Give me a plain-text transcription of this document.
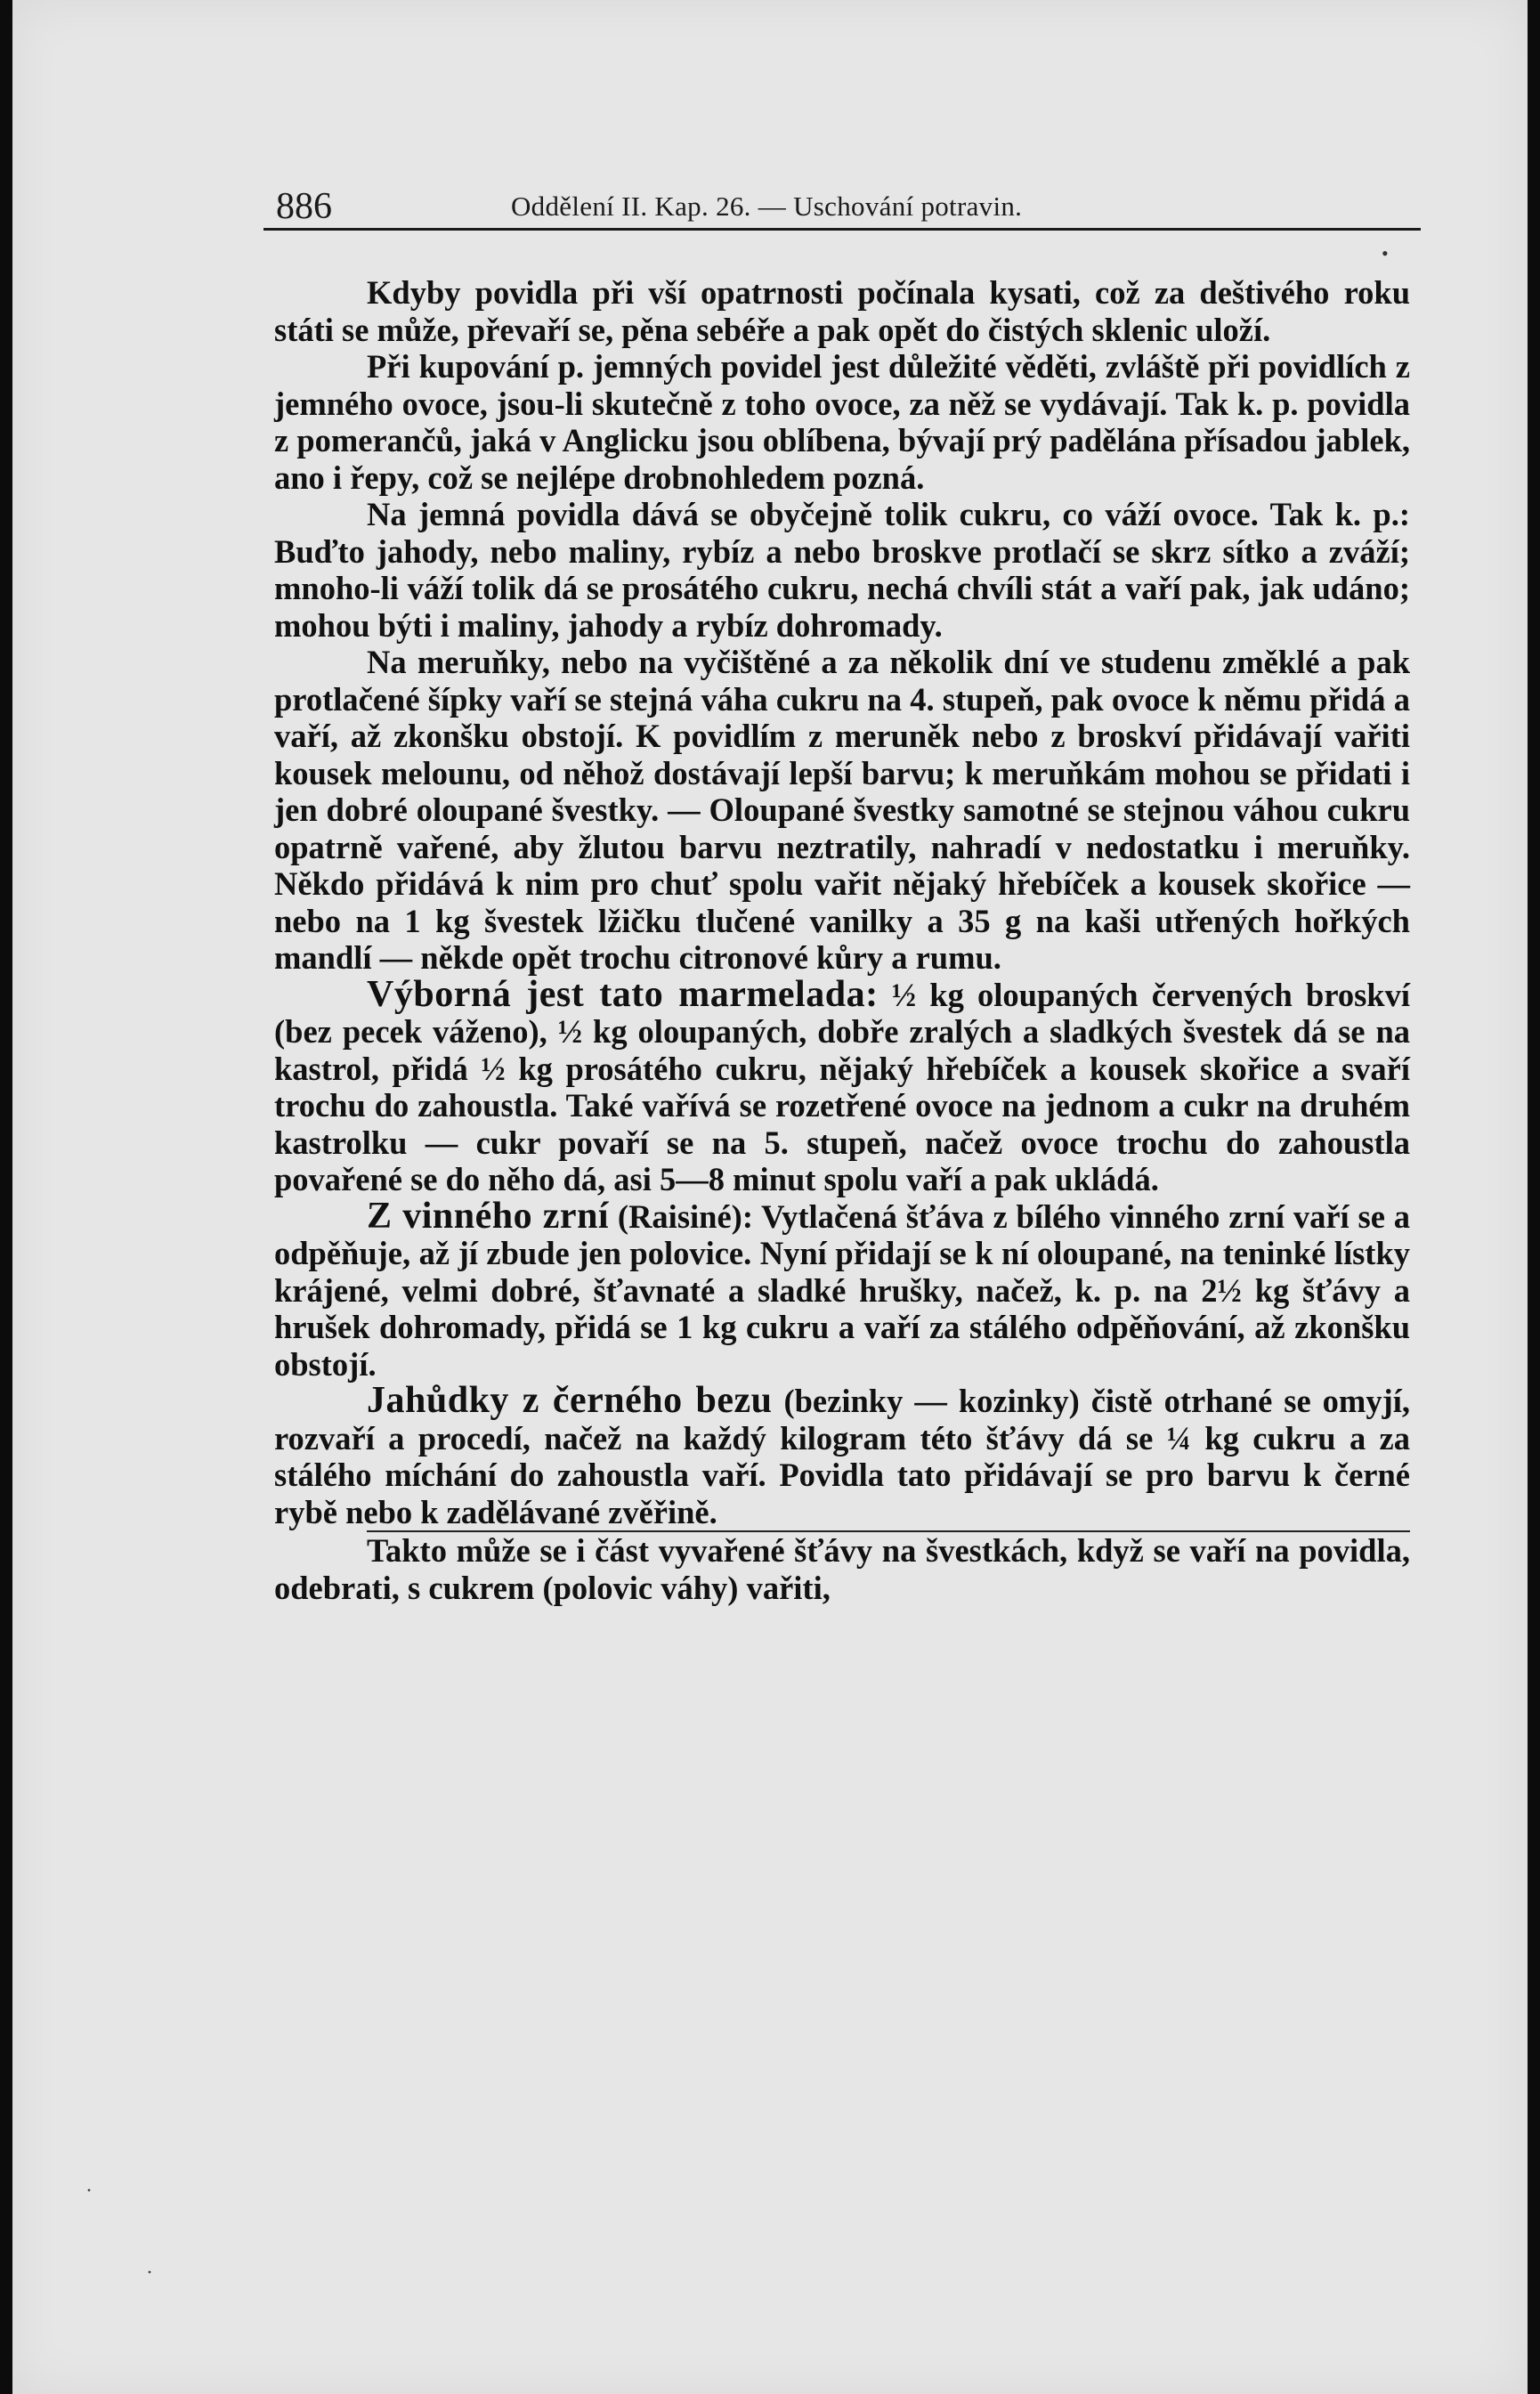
886	Oddělení II. Kap. 26. — Uschování potravin.
•

Kdyby povidla při vší opatrnosti počínala kysati, což za deštivého roku státi se může, převaří se, pěna sebéře a pak opět do čistých sklenic uloží.

Při kupování p. jemných povidel jest důležité věděti, zvláště při povidlích z jemného ovoce, jsou-li skutečně z toho ovoce, za něž se vydávají. Tak k. p. povidla z pomerančů, jaká v Anglicku jsou oblíbena, bývají prý padělána přísadou jablek, ano i řepy, což se nejlépe drobnohledem pozná.

Na jemná povidla dává se obyčejně tolik cukru, co váží ovoce. Tak k. p.: Buďto jahody, nebo maliny, rybíz a nebo broskve protlačí se skrz sítko a zváží; mnoho-li váží tolik dá se prosátého cukru, nechá chvíli stát a vaří pak, jak udáno; mohou býti i maliny, jahody a rybíz dohromady.

Na meruňky, nebo na vyčištěné a za několik dní ve studenu změklé a pak protlačené šípky vaří se stejná váha cukru na 4. stupeň, pak ovoce k němu přidá a vaří, až zkonšku obstojí. K povidlím z meruněk nebo z broskví přidávají vařiti kousek melounu, od něhož dostávají lepší barvu; k meruňkám mohou se přidati i jen dobré oloupané švestky. — Oloupané švestky samotné se stejnou váhou cukru opatrně vařené, aby žlutou barvu neztratily, nahradí v nedostatku i meruňky. Někdo přidává k nim pro chuť spolu vařit nějaký hřebíček a kousek skořice — nebo na 1 kg švestek lžičku tlučené vanilky a 35 g na kaši utřených hořkých mandlí — někde opět trochu citronové kůry a rumu.

Výborná jest tato marmelada: ½ kg oloupaných červených broskví (bez pecek váženo), ½ kg oloupaných, dobře zralých a sladkých švestek dá se na kastrol, přidá ½ kg prosátého cukru, nějaký hřebíček a kousek skořice a svaří trochu do zahoustla. Také vařívá se rozetřené ovoce na jednom a cukr na druhém kastrolku — cukr povaří se na 5. stupeň, načež ovoce trochu do zahoustla povařené se do něho dá, asi 5—8 minut spolu vaří a pak ukládá.

Z vinného zrní (Raisiné): Vytlačená šťáva z bílého vinného zrní vaří se a odpěňuje, až jí zbude jen polovice. Nyní přidají se k ní oloupané, na teninké lístky krájené, velmi dobré, šťavnaté a sladké hrušky, načež, k. p. na 2½ kg šťávy a hrušek dohromady, přidá se 1 kg cukru a vaří za stálého odpěňování, až zkonšku obstojí.

Jahůdky z černého bezu (bezinky — kozinky) čistě otrhané se omyjí, rozvaří a procedí, načež na každý kilogram této šťávy dá se ¼ kg cukru a za stálého míchání do zahoustla vaří. Povidla tato přidávají se pro barvu k černé rybě nebo k zadělávané zvěřině.

Takto může se i část vyvařené šťávy na švestkách, když se vaří na povidla, odebrati, s cukrem (polovic váhy) vařiti,

·
·
